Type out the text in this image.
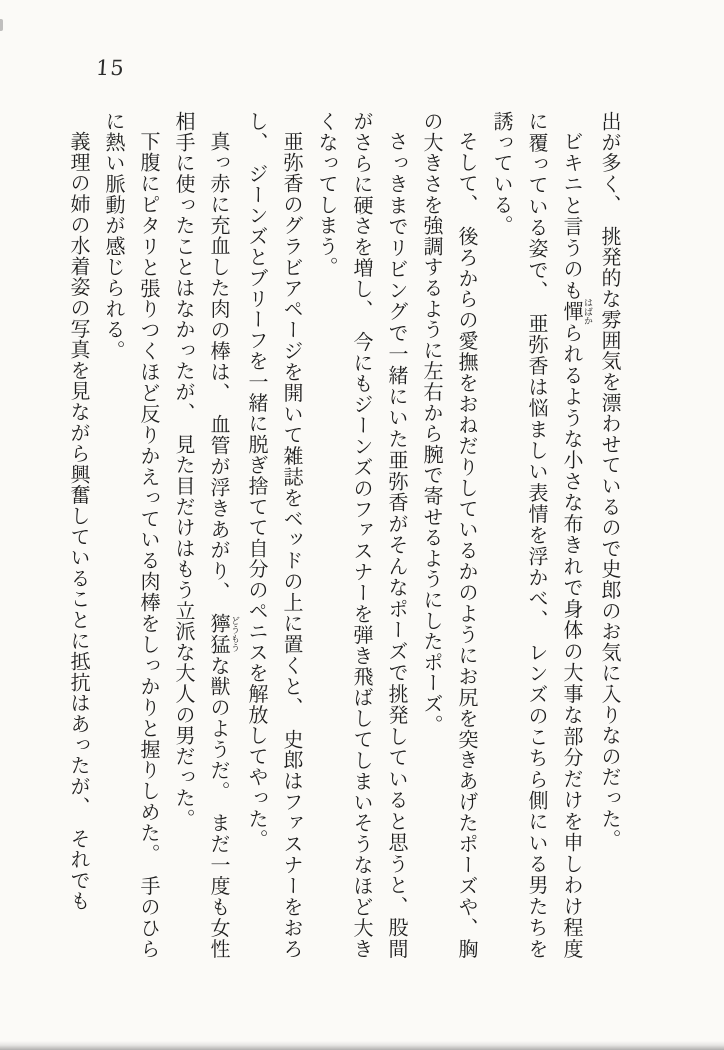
15

出が多く、　挑発的な雰囲気を漂わせているので史郎のお気に入りなのだった。

ビキニと言うのも憚はばかられるような小さな布きれで身体の大事な部分だけを申しわけ程度に覆っている姿で、　亜弥香は悩ましい表情を浮かべ、　レンズのこちら側にいる男たちを誘っている。

そして、　後ろからの愛撫をおねだりしているかのようにお尻を突きあげたポーズや、胸の大きさを強調するように左右から腕で寄せるようにしたポーズ。

さっきまでリビングで一緒にいた亜弥香がそんなポーズで挑発していると思うと、股間がさらに硬さを増し、　今にもジーンズのファスナーを弾き飛ばしてしまいそうなほど大きくなってしまう。

亜弥香のグラビアページを開いて雑誌をベッドの上に置くと、　史郎はファスナーをおろし、　ジーンズとブリーフを一緒に脱ぎ捨てて自分のペニスを解放してやった。

真っ赤に充血した肉の棒は、　血管が浮きあがり、　獰猛どうもうな獣のようだ。　まだ一度も女性相手に使ったことはなかったが、　見た目だけはもう立派な大人の男だった。

下腹にピタリと張りつくほど反りかえっている肉棒をしっかりと握りしめた。　手のひらに熱い脈動が感じられる。

義理の姉の水着姿の写真を見ながら興奮していることに抵抗はあったが、　それでも
